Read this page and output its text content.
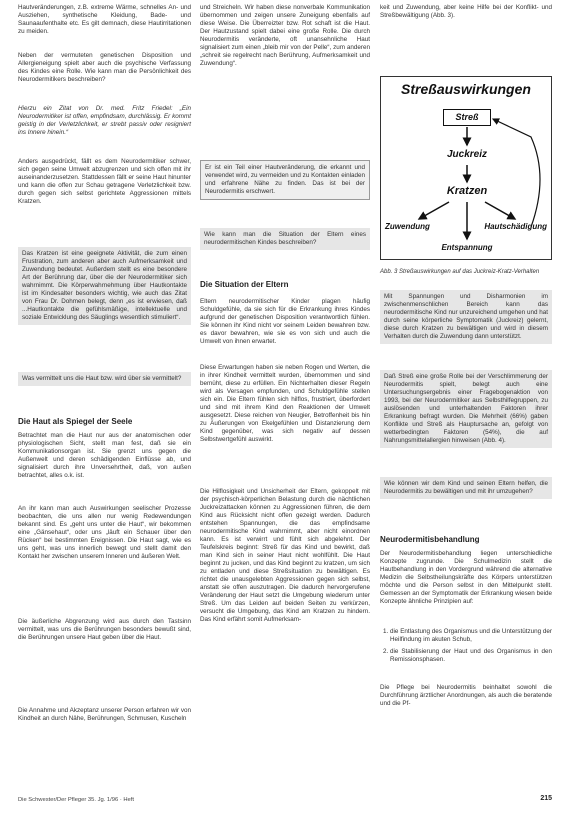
Hautveränderungen, z.B. extreme Wärme, schnelles An- und Ausziehen, synthetische Kleidung, Bade- und Saunaaufenthalte etc. Es gilt demnach, diese Hautirritationen zu meiden.

Neben der vermuteten genetischen Disposition und Allergieneigung spielt aber auch die psychische Verfassung des Kindes eine Rolle. Wie kann man die Persönlichkeit des Neurodermitikers beschreiben?

Hierzu ein Zitat von Dr. med. Fritz Friedel: „Ein Neurodermitiker ist offen, empfindsam, durchlässig. Er kommt geistig in der Verletzlichkeit, er strebt passiv oder resigniert ins Innere hinein.“

Anders ausgedrückt, fällt es dem Neurodermitiker schwer, sich gegen seine Umwelt abzugrenzen und sich offen mit ihr auseinanderzusetzen. Stattdessen fällt er seine Haut hinunter und kann die offen zur Schau getragene Verletzlichkeit bzw. durch gegen sich selbst gerichtete Aggressionen mittels Kratzen.

Das Kratzen ist eine geeignete Aktivität, die zum einen Frustration, zum anderen aber auch Aufmerksamkeit und Zuwendung bedeutet. Außerdem stellt es eine besondere Art der Berührung dar, über die der Neurodermitiker sich wahrnimmt. Die Körperwahrnehmung über Hautkontakte ist im Kindesalter besonders wichtig, wie auch das Zitat von Frau Dr. Dohmen belegt, denn „es ist erwiesen, daß ...Hautkontakte die gefühlsmäßige, intellektuelle und soziale Entwicklung des Säuglings wesentlich stimuliert“.

Was vermittelt uns die Haut bzw. wird über sie vermittelt?

Die Haut als Spiegel der Seele

Betrachtet man die Haut nur aus der anatomischen oder physiologischen Sicht, stellt man fest, daß sie ein Kommunikationsorgan ist. Sie grenzt uns gegen die Außenwelt und deren schädigenden Einflüsse ab, und signalisiert durch ihre Unversehrtheit, daß, von außen betrachtet, alles o.k. ist.

An ihr kann man auch Auswirkungen seelischer Prozesse beobachten, die uns allen nur wenig Redewendungen bekannt sind. Es „geht uns unter die Haut“, wir bekommen eine „Gänsehaut“, oder uns „läuft ein Schauer über den Rücken“ bei bestimmten Ereignissen. Die Haut sagt, wie es uns geht, was uns innerlich bewegt und stellt damit den Kontakt her zwischen unserem Inneren und äußeren Welt.

Die äußerliche Abgrenzung wird aus durch den Tastsinn vermittelt, was uns die Berührungen besonders bewußt sind, die Berührungen unsere Haut geben über die Haut.

Die Annahme und Akzeptanz unserer Person erfahren wir von Kindheit an durch Nähe, Berührungen, Schmusen, Kuscheln

und Streicheln. Wir haben diese nonverbale Kommunikation übernommen und zeigen unsere Zuneigung ebenfalls auf diese Weise. Die Überreizter bzw. Rot schaft ist die Haut. Der Hautzustand spielt dabei eine große Rolle. Die durch Neurodermitis veränderte, oft unansehnliche Haut signalisiert zum einen „bleib mir von der Pelle“, zum anderen „schreit sie regelrecht nach Berührung, Aufmerksamkeit und Zuwendung“.

Er ist ein Teil einer Hautveränderung, die erkannt und verwendet wird, zu vermeiden und zu Kontakten einladen und erfahrene Nähe zu finden. Das ist bei der Neurodermitis erschwert.

Wie kann man die Situation der Eltern eines neurodermitischen Kindes beschreiben?

Die Situation der Eltern

Eltern neurodermitischer Kinder plagen häufig Schuldgefühle, da sie sich für die Erkrankung ihres Kindes aufgrund der genetischen Disposition verantwortlich fühlen. Sie können ihr Kind nicht vor seinem Leiden bewahren bzw. es davor bewahren, wie sie es von sich und auch die Umwelt von ihnen erwartet.

Diese Erwartungen haben sie neben Rogen und Werten, die in ihrer Kindheit vermittelt wurden, übernommen und sind bemüht, diese zu erfüllen. Ein Nichterhalten dieser Regeln wird als Versagen empfunden, und Schuldgefühle stellen sich ein. Die Eltern fühlen sich hilflos, frustriert, überfordert und sind mit ihrem Kind den Reaktionen der Umwelt ausgesetzt. Diese reichen von Neugier, Betroffenheit bis hin zu Äußerungen von Ekelgefühlen und Distanzierung dem Kind gegenüber, was sich negativ auf dessen Selbstwertgefühl auswirkt.

Die Hilflosigkeit und Unsicherheit der Eltern, gekoppelt mit der psychisch-körperlichen Belastung durch die nächtlichen Juckreizattacken können zu Aggressionen führen, die dem Kind aus Rücksicht nicht offen gezeigt werden. Dadurch entstehen Spannungen, die das empfindsame neurodermitische Kind wahrnimmt, aber nicht einordnen kann. Es ist verwirrt und fühlt sich abgelehnt. Der Teufelskreis beginnt: Streß für das Kind und bewirkt, daß man Kind sich in seiner Haut nicht wohlfühlt. Die Haut beginnt zu jucken, und das Kind beginnt zu kratzen, um sich zu entladen und diese Streßsituation zu bewältigen. Es richtet die unausgelebten Aggressionen gegen sich selbst, anstatt sie offen auszutragen. Die dadurch hervorgerufene Veränderung der Haut setzt die Umgebung wiederum unter Streß. Um das Leiden auf beiden Seiten zu verkürzen, versucht die Umgebung, das Kind am Kratzen zu hindern. Das Kind erfährt somit Aufmerksam-

keit und Zuwendung, aber keine Hilfe bei der Konflikt- und Streßbewältigung (Abb. 3).

Abb. 3 Streßauswirkungen auf das Juckreiz-Kratz-Verhalten

Mit Spannungen und Disharmonien im zwischenmenschlichen Bereich kann das neurodermitische Kind nur unzureichend umgehen und hat durch seine körperliche Symptomatik (Juckreiz) gelernt, diese durch Kratzen zu bewältigen und wird in diesem Verhalten durch die Zuwendung dann unterstützt.

Daß Streß eine große Rolle bei der Verschlimmerung der Neurodermitis spielt, belegt auch eine Untersuchungsergebnis einer Fragebogenaktion von 1993, bei der Neurodermitiker aus Selbsthilfegruppen, zu auslösenden und unterhaltenden Faktoren ihrer Erkrankung befragt wurden. Die Mehrheit (66%) gaben Konflikte und Streß als Hauptursache an, gefolgt von wetterbedingten Faktoren (54%), die auf Nahrungsmittelallergien hinweisen (Abb. 4).

Wie können wir dem Kind und seinen Eltern helfen, die Neurodermitis zu bewältigen und mit ihr umzugehen?

Neurodermitisbehandlung

Der Neurodermitisbehandlung liegen unterschiedliche Konzepte zugrunde. Die Schulmedizin stellt die Hautbehandlung in den Vordergrund während die alternative Medizin die Selbstheilungskräfte des Körpers unterstützen möchte und die Person selbst in den Mittelpunkt stellt. Gemessen an der Symptomatik der Erkrankung wiesen beide Konzepte ähnliche Prinzipien auf:

1. die Entlastung des Organismus und die Unterstützung der Heilfindung im akuten Schub,
2. die Stabilisierung der Haut und des Organismus in den Remissionsphasen.

Die Pflege bei Neurodermitis beinhaltet sowohl die Durchführung ärztlicher Anordnungen, als auch die beratende und die Pf-

Streßauswirkungen
Streß
Juckreiz
Kratzen
Zuwendung	Hautschädigung
Entspannung
Die Schwester/Der Pfleger 35. Jg. 1/96 · Heft	215
